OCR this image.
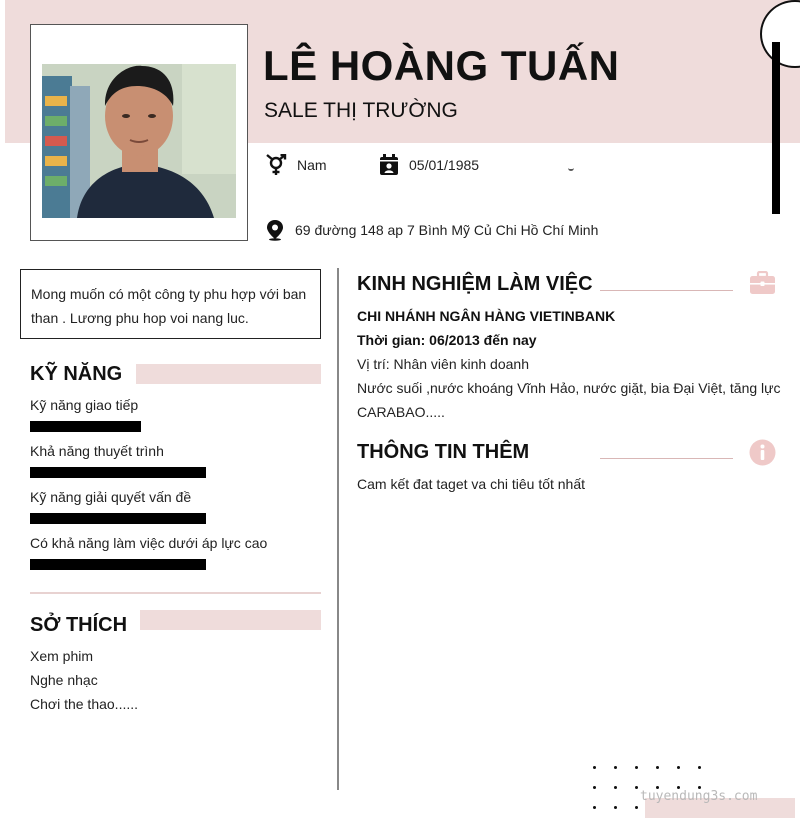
LÊ HOÀNG TUẤN
SALE THỊ TRƯỜNG
Nam	05/01/1985
69 đường 148 ap 7 Bình Mỹ Củ Chi Hồ Chí Minh
Mong muốn có một công ty phu hợp với ban than . Lương phu hop voi nang luc.
KỸ NĂNG
Kỹ năng giao tiếp
Khả năng thuyết trình
Kỹ năng giải quyết vấn đề
Có khả năng làm việc dưới áp lực cao
SỞ THÍCH
Xem phim
Nghe nhạc
Chơi the thao......
KINH NGHIỆM LÀM VIỆC
CHI NHÁNH NGÂN HÀNG VIETINBANK
Thời gian: 06/2013 đến nay
Vị trí: Nhân viên kinh doanh
Nước suối ,nước khoáng Vĩnh Hảo, nước giặt, bia Đại Việt, tăng lực CARABAO.....
THÔNG TIN THÊM
Cam kết đat taget va chi tiêu tốt nhất
tuyendung3s.com
